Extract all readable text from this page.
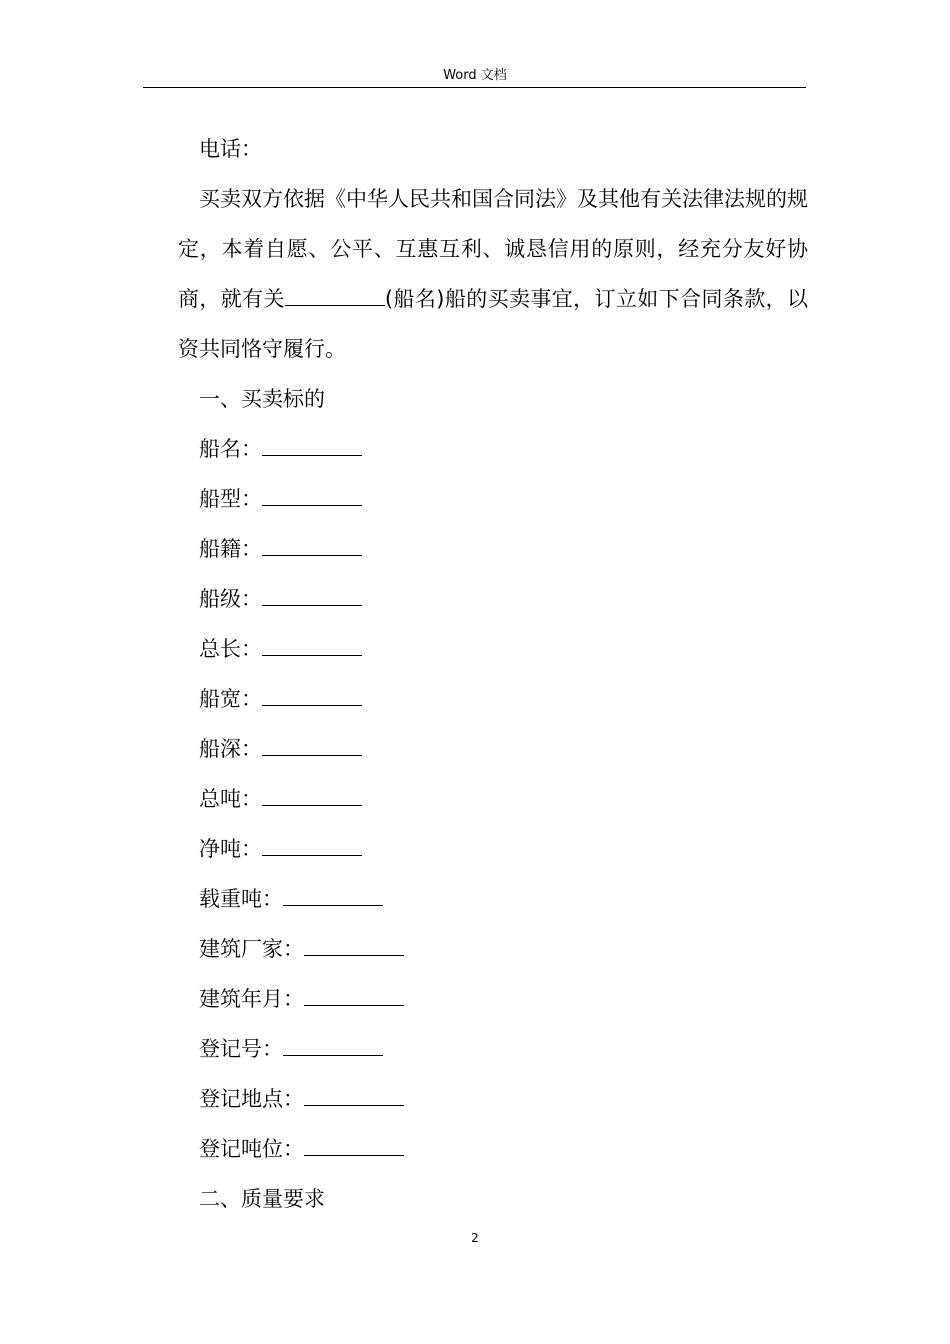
Word 文档

电话：

买卖双方依据《中华人民共和国合同法》及其他有关法律法规的规定，本着自愿、公平、互惠互利、诚恳信用的原则，经充分友好协商，就有关	(船名)船的买卖事宜，订立如下合同条款，以资共同恪守履行。

一、买卖标的

船名：

船型：

船籍：

船级：

总长：

船宽：

船深：

总吨：

净吨：

载重吨：

建筑厂家：

建筑年月：

登记号：

登记地点：

登记吨位：

二、质量要求

2
